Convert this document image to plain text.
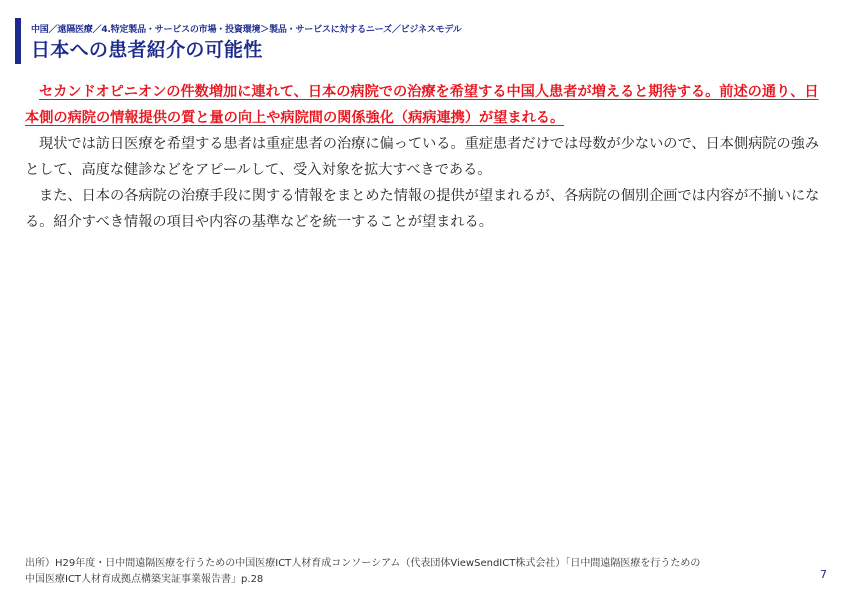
中国／遠隔医療／4.特定製品・サービスの市場・投資環境＞製品・サービスに対するニーズ／ビジネスモデル
日本への患者紹介の可能性

セカンドオピニオンの件数増加に連れて、日本の病院での治療を希望する中国人患者が増えると期待する。前述の通り、日本側の病院の情報提供の質と量の向上や病院間の関係強化（病病連携）が望まれる。

現状では訪日医療を希望する患者は重症患者の治療に偏っている。重症患者だけでは母数が少ないので、日本側病院の強みとして、高度な健診などをアピールして、受入対象を拡大すべきである。

また、日本の各病院の治療手段に関する情報をまとめた情報の提供が望まれるが、各病院の個別企画では内容が不揃いになる。紹介すべき情報の項目や内容の基準などを統一することが望まれる。

出所）H29年度・日中間遠隔医療を行うための中国医療ICT人材育成コンソーシアム（代表団体ViewSendICT株式会社）「日中間遠隔医療を行うための
中国医療ICT人材育成拠点構築実証事業報告書」p.28	7
